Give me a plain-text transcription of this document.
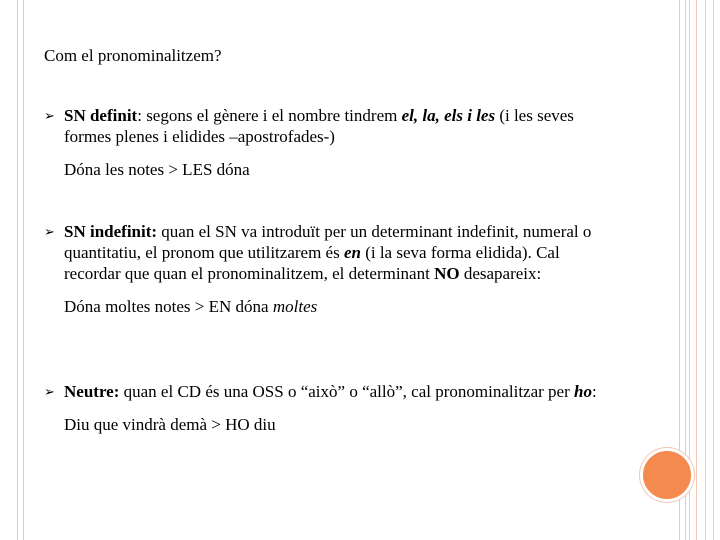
Com el pronominalitzem?
➢ SN definit: segons el gènere i el nombre tindrem el, la, els i les (i les seves formes plenes i elidides –apostrofades-)
Dóna les notes > LES dóna
➢ SN indefinit: quan el SN va introduït per un determinant indefinit, numeral o quantitatiu, el pronom que utilitzarem és en (i la seva forma elidida). Cal recordar que quan el pronominalitzem, el determinant NO desapareix:
Dóna moltes notes > EN dóna moltes
➢ Neutre: quan el CD és una OSS o “això” o “allò”, cal pronominalitzar per ho:
Diu que vindrà demà > HO diu
